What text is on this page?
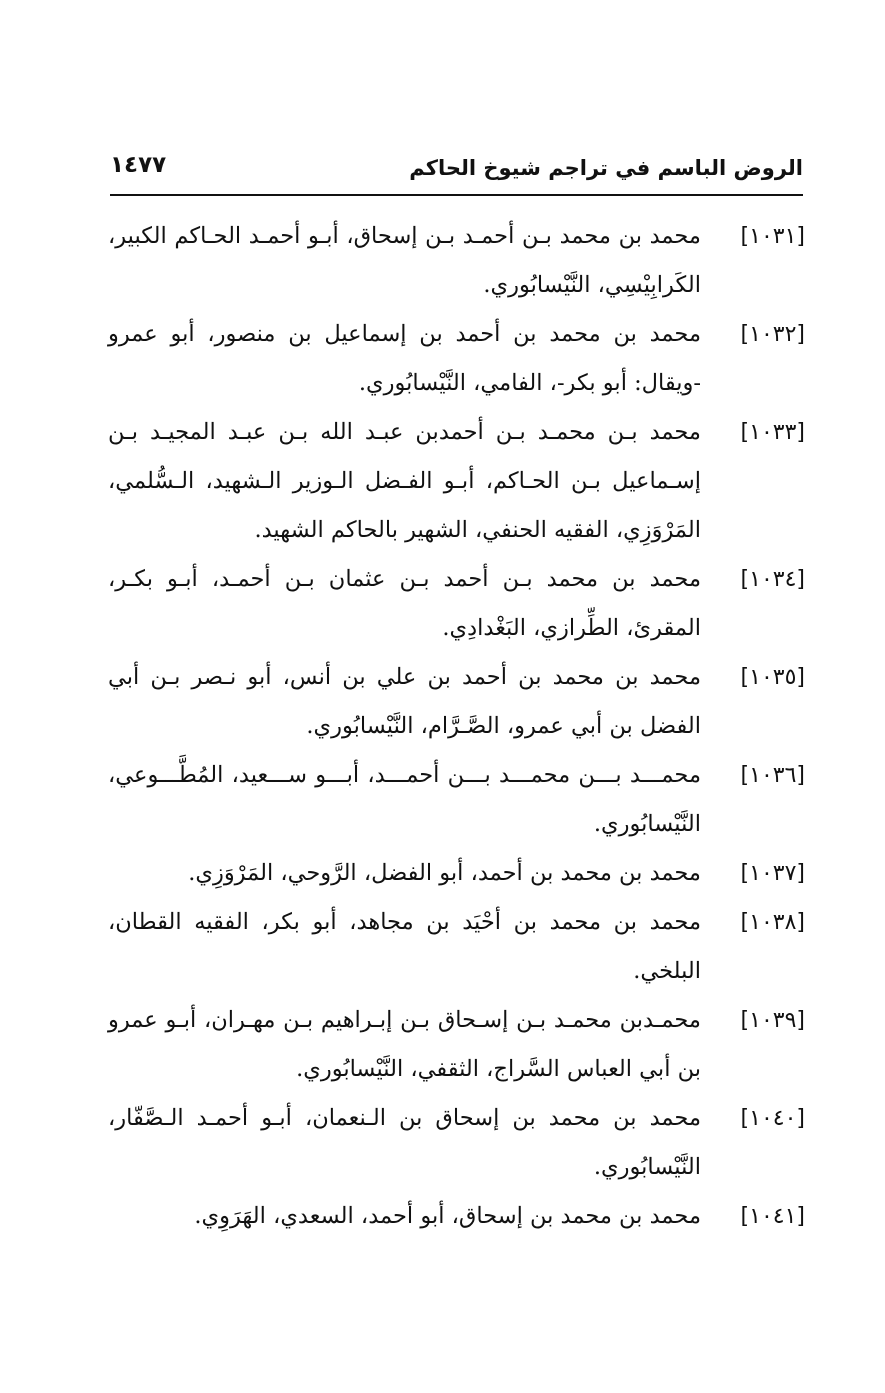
الروض الباسم في تراجم شيوخ الحاكم
١٤٧٧
[١٠٣١]
محمد بن محمد بـن أحمـد بـن إسحاق، أبـو أحمـد الحـاكم الكبير، الكَرابِيْسِي، النَّيْسابُوري.
[١٠٣٢]
محمد بن محمد بن أحمد بن إسماعيل بن منصور، أبو عمرو -ويقال: أبو بكر-، الفامي، النَّيْسابُوري.
[١٠٣٣]
محمد بـن محمـد بـن أحمدبن عبـد الله بـن عبـد المجيـد بـن إسـماعيل بـن الحـاكم، أبـو الفـضل الـوزير الـشهيد، الـسُّلمي، المَرْوَزِي، الفقيه الحنفي، الشهير بالحاكم الشهيد.
[١٠٣٤]
محمد بن محمد بـن أحمد بـن عثمان بـن أحمـد، أبـو بكـر، المقرئ، الطِّرازي، البَغْدادِي.
[١٠٣٥]
محمد بن محمد بن أحمد بن علي بن أنس، أبو نـصر بـن أبي الفضل بن أبي عمرو، الصَّـرَّام، النَّيْسابُوري.
[١٠٣٦]
محمـــد بـــن محمـــد بـــن أحمـــد، أبـــو ســـعيد، المُطَّـــوعي، النَّيْسابُوري.
[١٠٣٧]
محمد بن محمد بن أحمد، أبو الفضل، الرَّوحي، المَرْوَزِي.
[١٠٣٨]
محمد بن محمد بن أحْيَد بن مجاهد، أبو بكر، الفقيه القطان، البلخي.
[١٠٣٩]
محمـدبن محمـد بـن إسـحاق بـن إبـراهيم بـن مهـران، أبـو عمرو بن أبي العباس السَّراج، الثقفي، النَّيْسابُوري.
[١٠٤٠]
محمد بن محمد بن إسحاق بن الـنعمان، أبـو أحمـد الـصَّفّار، النَّيْسابُوري.
[١٠٤١]
محمد بن محمد بن إسحاق، أبو أحمد، السعدي، الهَرَوِي.
